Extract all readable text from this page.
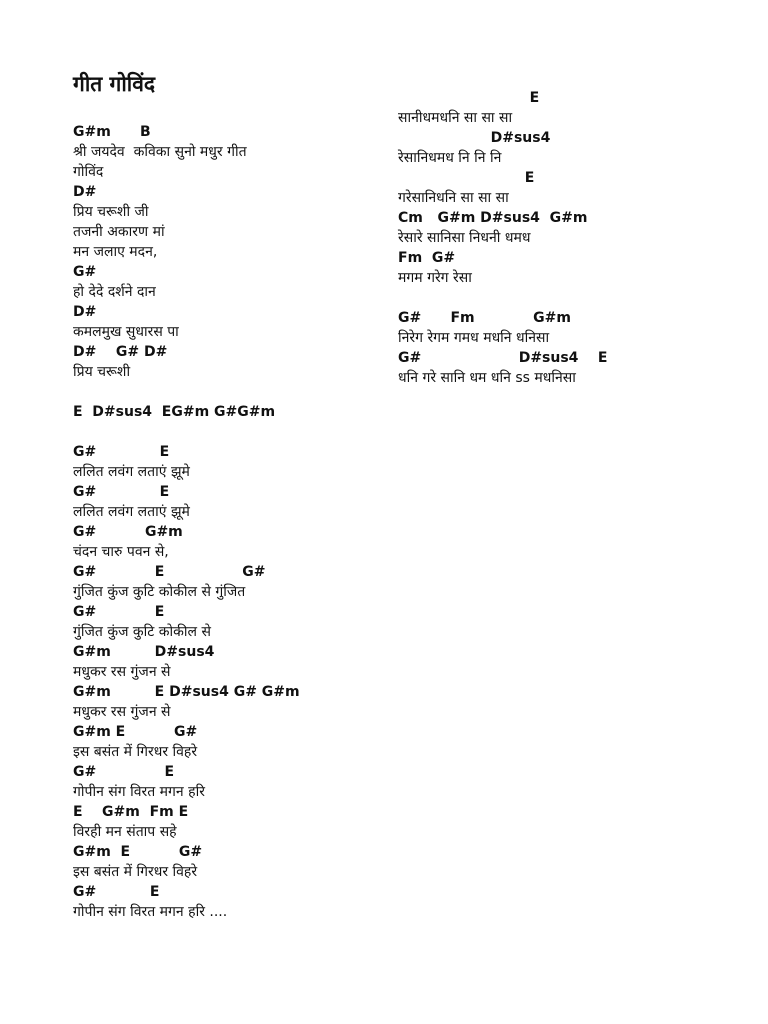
गीत गोविंद
G#m      B
श्री जयदेव  कविका सुनो मधुर गीत
गोविंद
D#
प्रिय चरूशी जी
तजनी अकारण मां
मन जलाए मदन,
G#
हो देदे दर्शने दान
D#
कमलमुख सुधारस पा
D#    G# D#
प्रिय चरूशी
E  D#sus4  EG#m G#G#m
G#             E
ललित लवंग लताएं झूमे
G#             E
ललित लवंग लताएं झूमे
G#          G#m
चंदन चारु पवन से,
G#            E                G#
गुंजित कुंज कुटि कोकील से गुंजित
G#            E
गुंजित कुंज कुटि कोकील से
G#m         D#sus4
मधुकर रस गुंजन से
G#m         E D#sus4 G# G#m
मधुकर रस गुंजन से
G#m E          G#
इस बसंत में गिरधर विहरे
G#              E
गोपीन संग विरत मगन हरि
E    G#m  Fm E
विरही मन संताप सहे
G#m  E          G#
इस बसंत में गिरधर विहरे
G#           E
गोपीन संग विरत मगन हरि ....
E
सानीधमधनि सा सा सा
D#sus4
रेसानिधमध नि नि नि
E
गरेसानिधनि सा सा सा
Cm   G#m D#sus4  G#m
रेसारे सानिसा निधनी धमध
Fm  G#
मगम गरेग रेसा
G#      Fm            G#m
निरेग रेगम गमध मधनि धनिसा
G#                    D#sus4    E
धनि गरे सानि धम धनि ss मधनिसा
